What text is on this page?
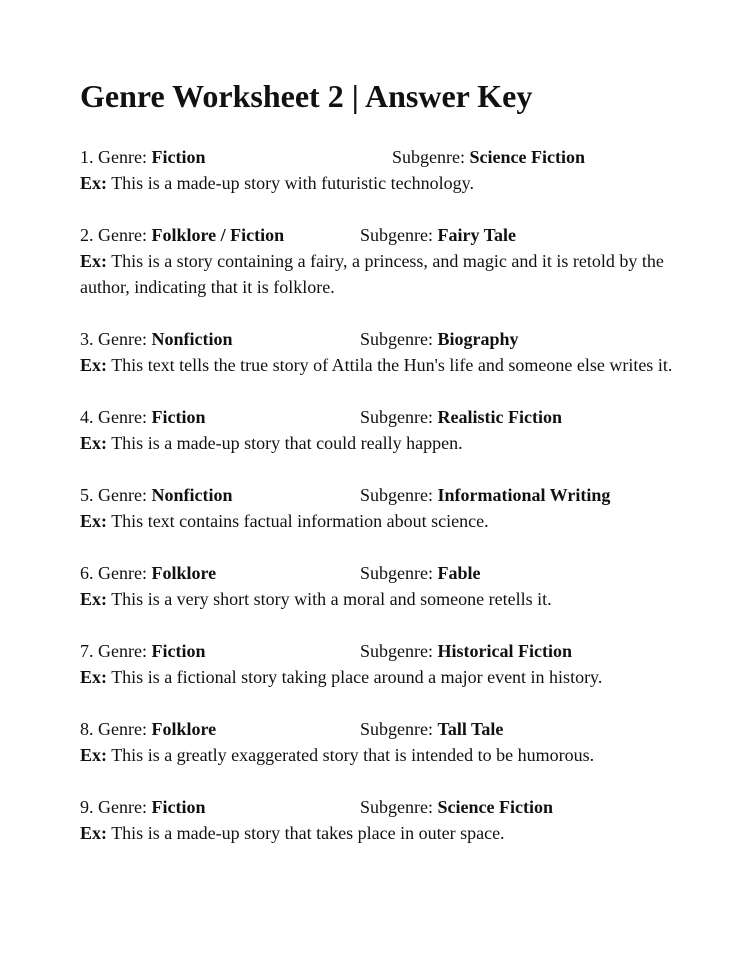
Genre Worksheet 2 | Answer Key
1. Genre: Fiction	Subgenre: Science Fiction
Ex: This is a made-up story with futuristic technology.
2. Genre: Folklore / Fiction	Subgenre: Fairy Tale
Ex: This is a story containing a fairy, a princess, and magic and it is retold by the author, indicating that it is folklore.
3. Genre: Nonfiction	Subgenre: Biography
Ex: This text tells the true story of Attila the Hun's life and someone else writes it.
4. Genre: Fiction	Subgenre: Realistic Fiction
Ex: This is a made-up story that could really happen.
5. Genre: Nonfiction	Subgenre: Informational Writing
Ex: This text contains factual information about science.
6. Genre: Folklore	Subgenre: Fable
Ex: This is a very short story with a moral and someone retells it.
7. Genre: Fiction	Subgenre: Historical Fiction
Ex: This is a fictional story taking place around a major event in history.
8. Genre: Folklore	Subgenre: Tall Tale
Ex: This is a greatly exaggerated story that is intended to be humorous.
9. Genre: Fiction	Subgenre: Science Fiction
Ex: This is a made-up story that takes place in outer space.
